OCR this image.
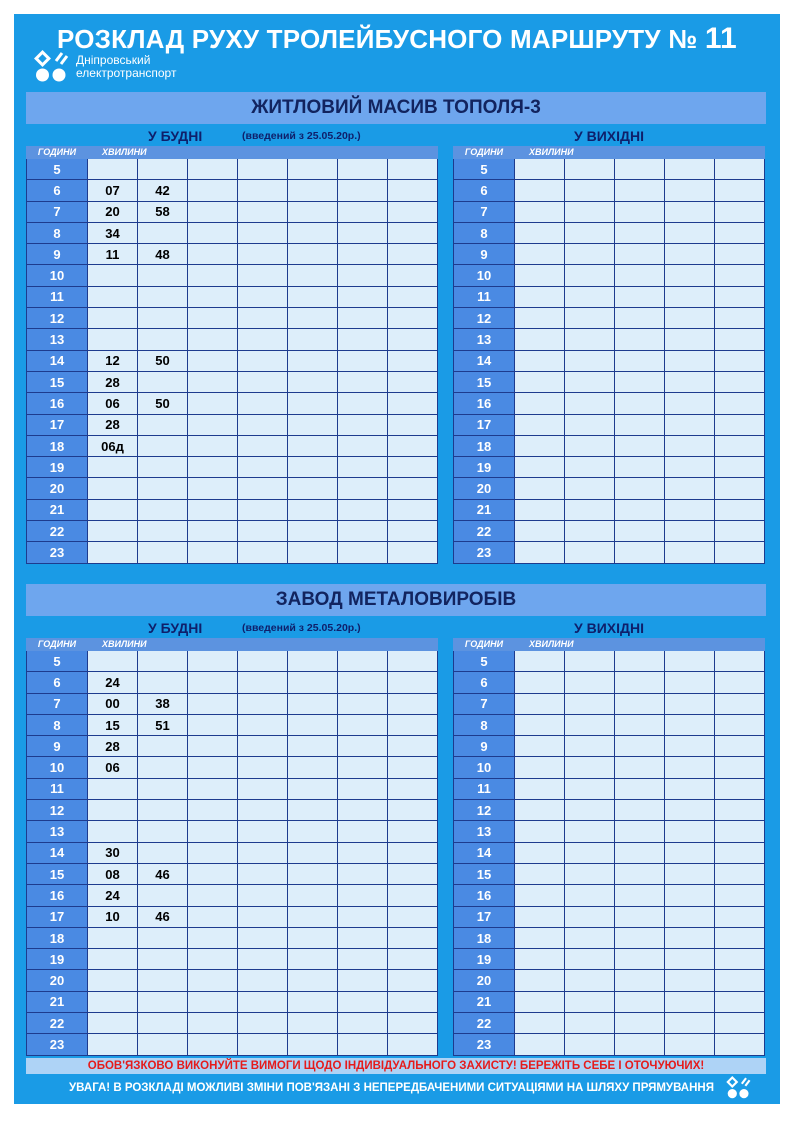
РОЗКЛАД РУХУ ТРОЛЕЙБУСНОГО МАРШРУТУ № 11
Дніпровський
електротранспорт
ЖИТЛОВИЙ МАСИВ ТОПОЛЯ-3
У БУДНІ	(введений з 25.05.20р.)	У ВИХІДНІ
ГОДИНИ	ХВИЛИНИ						
5							
6	07	42					
7	20	58					
8	34						
9	11	48					
10							
11							
12							
13							
14	12	50					
15	28						
16	06	50					
17	28						
18	06д						
19							
20							
21							
22							
23							
ГОДИНИ	ХВИЛИНИ				
5					
6					
7					
8					
9					
10					
11					
12					
13					
14					
15					
16					
17					
18					
19					
20					
21					
22					
23					
ЗАВОД МЕТАЛОВИРОБІВ
У БУДНІ	(введений з 25.05.20р.)	У ВИХІДНІ
ГОДИНИ	ХВИЛИНИ						
5							
6	24						
7	00	38					
8	15	51					
9	28						
10	06						
11							
12							
13							
14	30						
15	08	46					
16	24						
17	10	46					
18							
19							
20							
21							
22							
23							
ГОДИНИ	ХВИЛИНИ				
5					
6					
7					
8					
9					
10					
11					
12					
13					
14					
15					
16					
17					
18					
19					
20					
21					
22					
23					
ОБОВ'ЯЗКОВО ВИКОНУЙТЕ ВИМОГИ ЩОДО ІНДИВІДУАЛЬНОГО ЗАХИСТУ! БЕРЕЖІТЬ СЕБЕ І ОТОЧУЮЧИХ!
УВАГА! В РОЗКЛАДІ МОЖЛИВІ ЗМІНИ ПОВ'ЯЗАНІ З НЕПЕРЕДБАЧЕНИМИ СИТУАЦІЯМИ НА ШЛЯХУ ПРЯМУВАННЯ
